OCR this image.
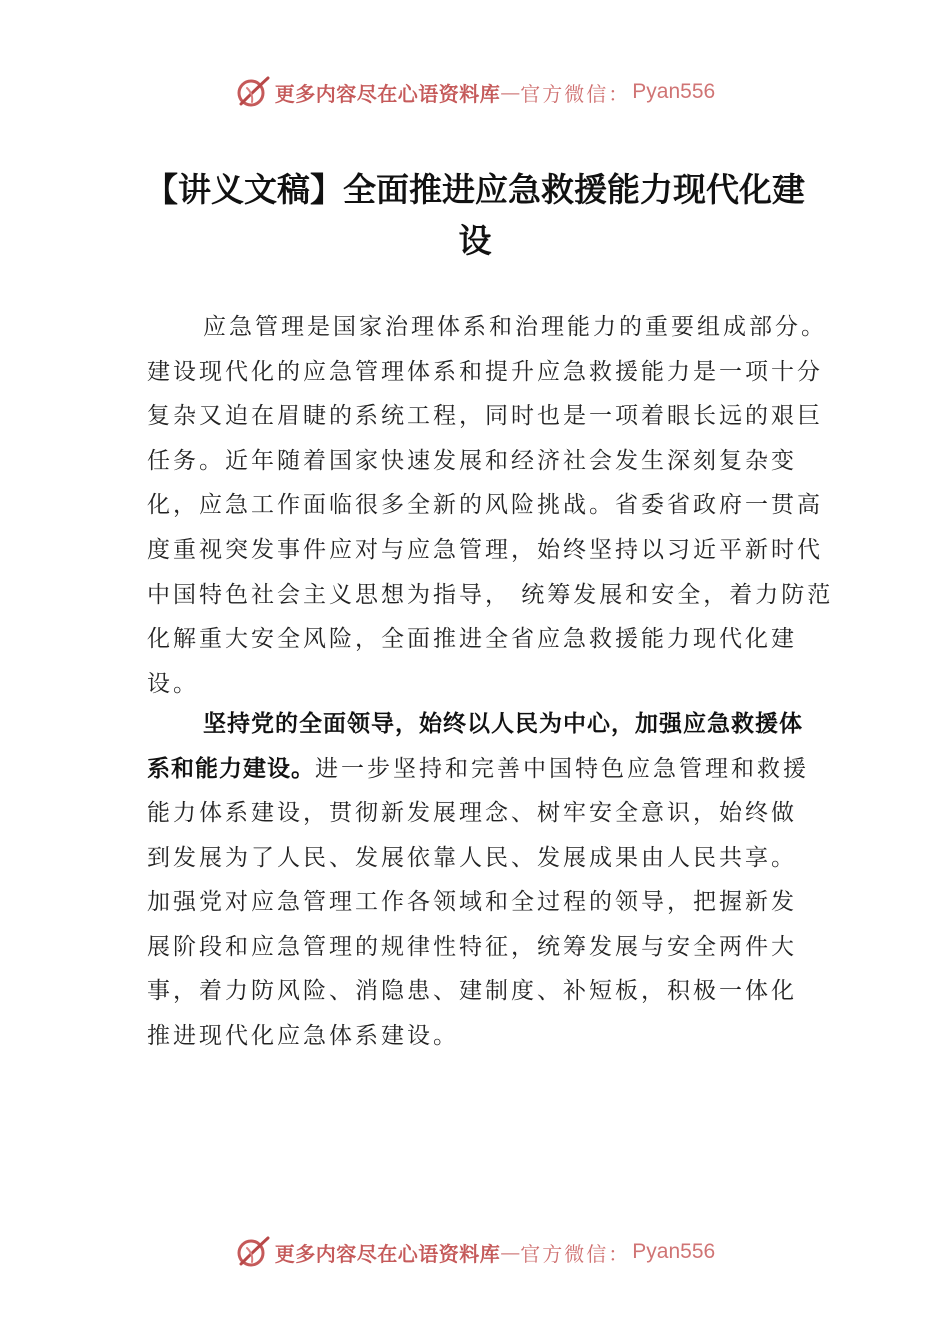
更多内容尽在心语资料库 — 官方微信： Pyan556
【讲义文稿】全面推进应急救援能力现代化建设

应急管理是国家治理体系和治理能力的重要组成部分。建设现代化的应急管理体系和提升应急救援能力是一项十分复杂又迫在眉睫的系统工程，同时也是一项着眼长远的艰巨任务。近年随着国家快速发展和经济社会发生深刻复杂变化，应急工作面临很多全新的风险挑战。省委省政府一贯高度重视突发事件应对与应急管理，始终坚持以习近平新时代中国特色社会主义思想为指导， 统筹发展和安全，着力防范化解重大安全风险，全面推进全省应急救援能力现代化建设。

坚持党的全面领导，始终以人民为中心，加强应急救援体系和能力建设。进一步坚持和完善中国特色应急管理和救援能力体系建设，贯彻新发展理念、树牢安全意识，始终做到发展为了人民、发展依靠人民、发展成果由人民共享。加强党对应急管理工作各领域和全过程的领导，把握新发展阶段和应急管理的规律性特征，统筹发展与安全两件大事，着力防风险、消隐患、建制度、补短板，积极一体化推进现代化应急体系建设。

更多内容尽在心语资料库 — 官方微信： Pyan556
